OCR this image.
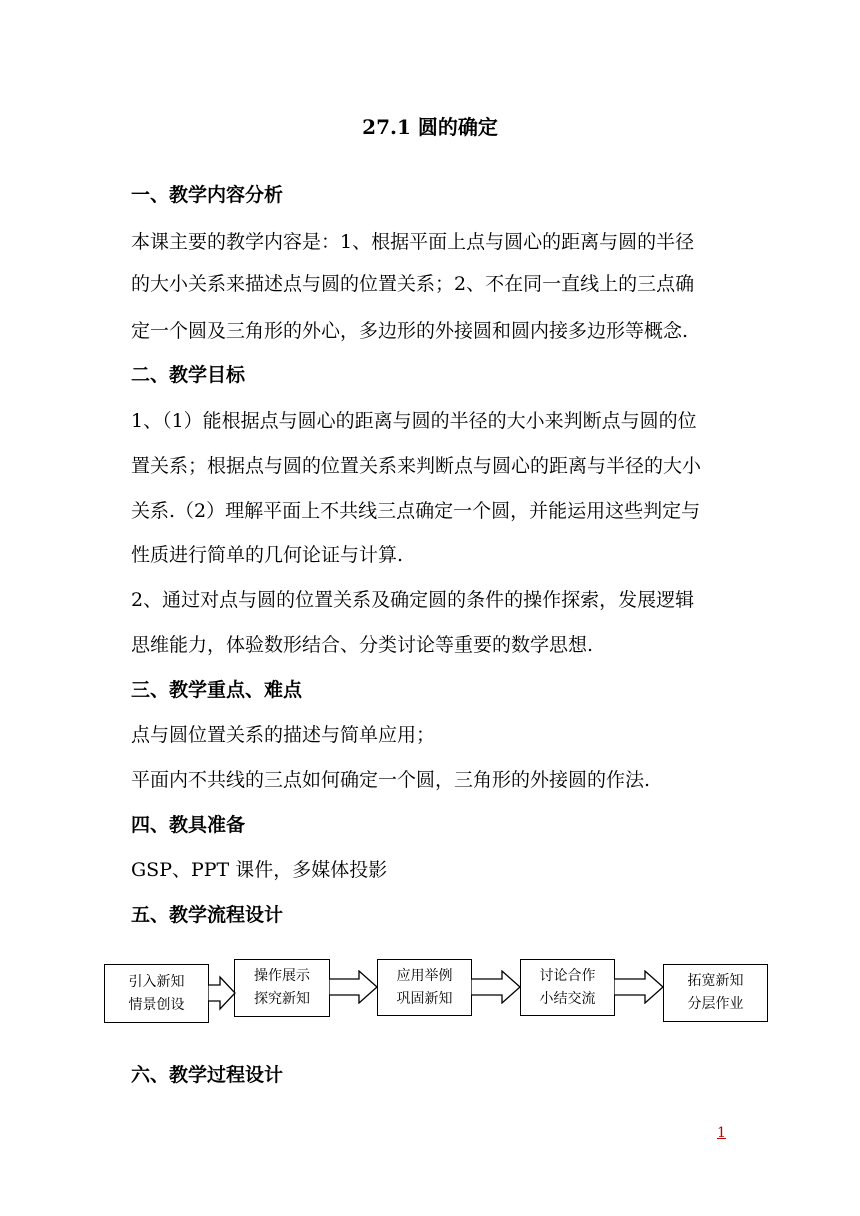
27.1 圆的确定
一、教学内容分析
本课主要的教学内容是：1、根据平面上点与圆心的距离与圆的半径
的大小关系来描述点与圆的位置关系；2、不在同一直线上的三点确
定一个圆及三角形的外心，多边形的外接圆和圆内接多边形等概念.
二、教学目标
1、（1）能根据点与圆心的距离与圆的半径的大小来判断点与圆的位
置关系；根据点与圆的位置关系来判断点与圆心的距离与半径的大小
关系.（2）理解平面上不共线三点确定一个圆，并能运用这些判定与
性质进行简单的几何论证与计算.
2、通过对点与圆的位置关系及确定圆的条件的操作探索，发展逻辑
思维能力，体验数形结合、分类讨论等重要的数学思想.
三、教学重点、难点
点与圆位置关系的描述与简单应用；
平面内不共线的三点如何确定一个圆，三角形的外接圆的作法.
四、教具准备
GSP、PPT 课件，多媒体投影
五、教学流程设计
引入新知
情景创设
操作展示
探究新知
应用举例
巩固新知
讨论合作
小结交流
拓宽新知
分层作业
六、教学过程设计
1
